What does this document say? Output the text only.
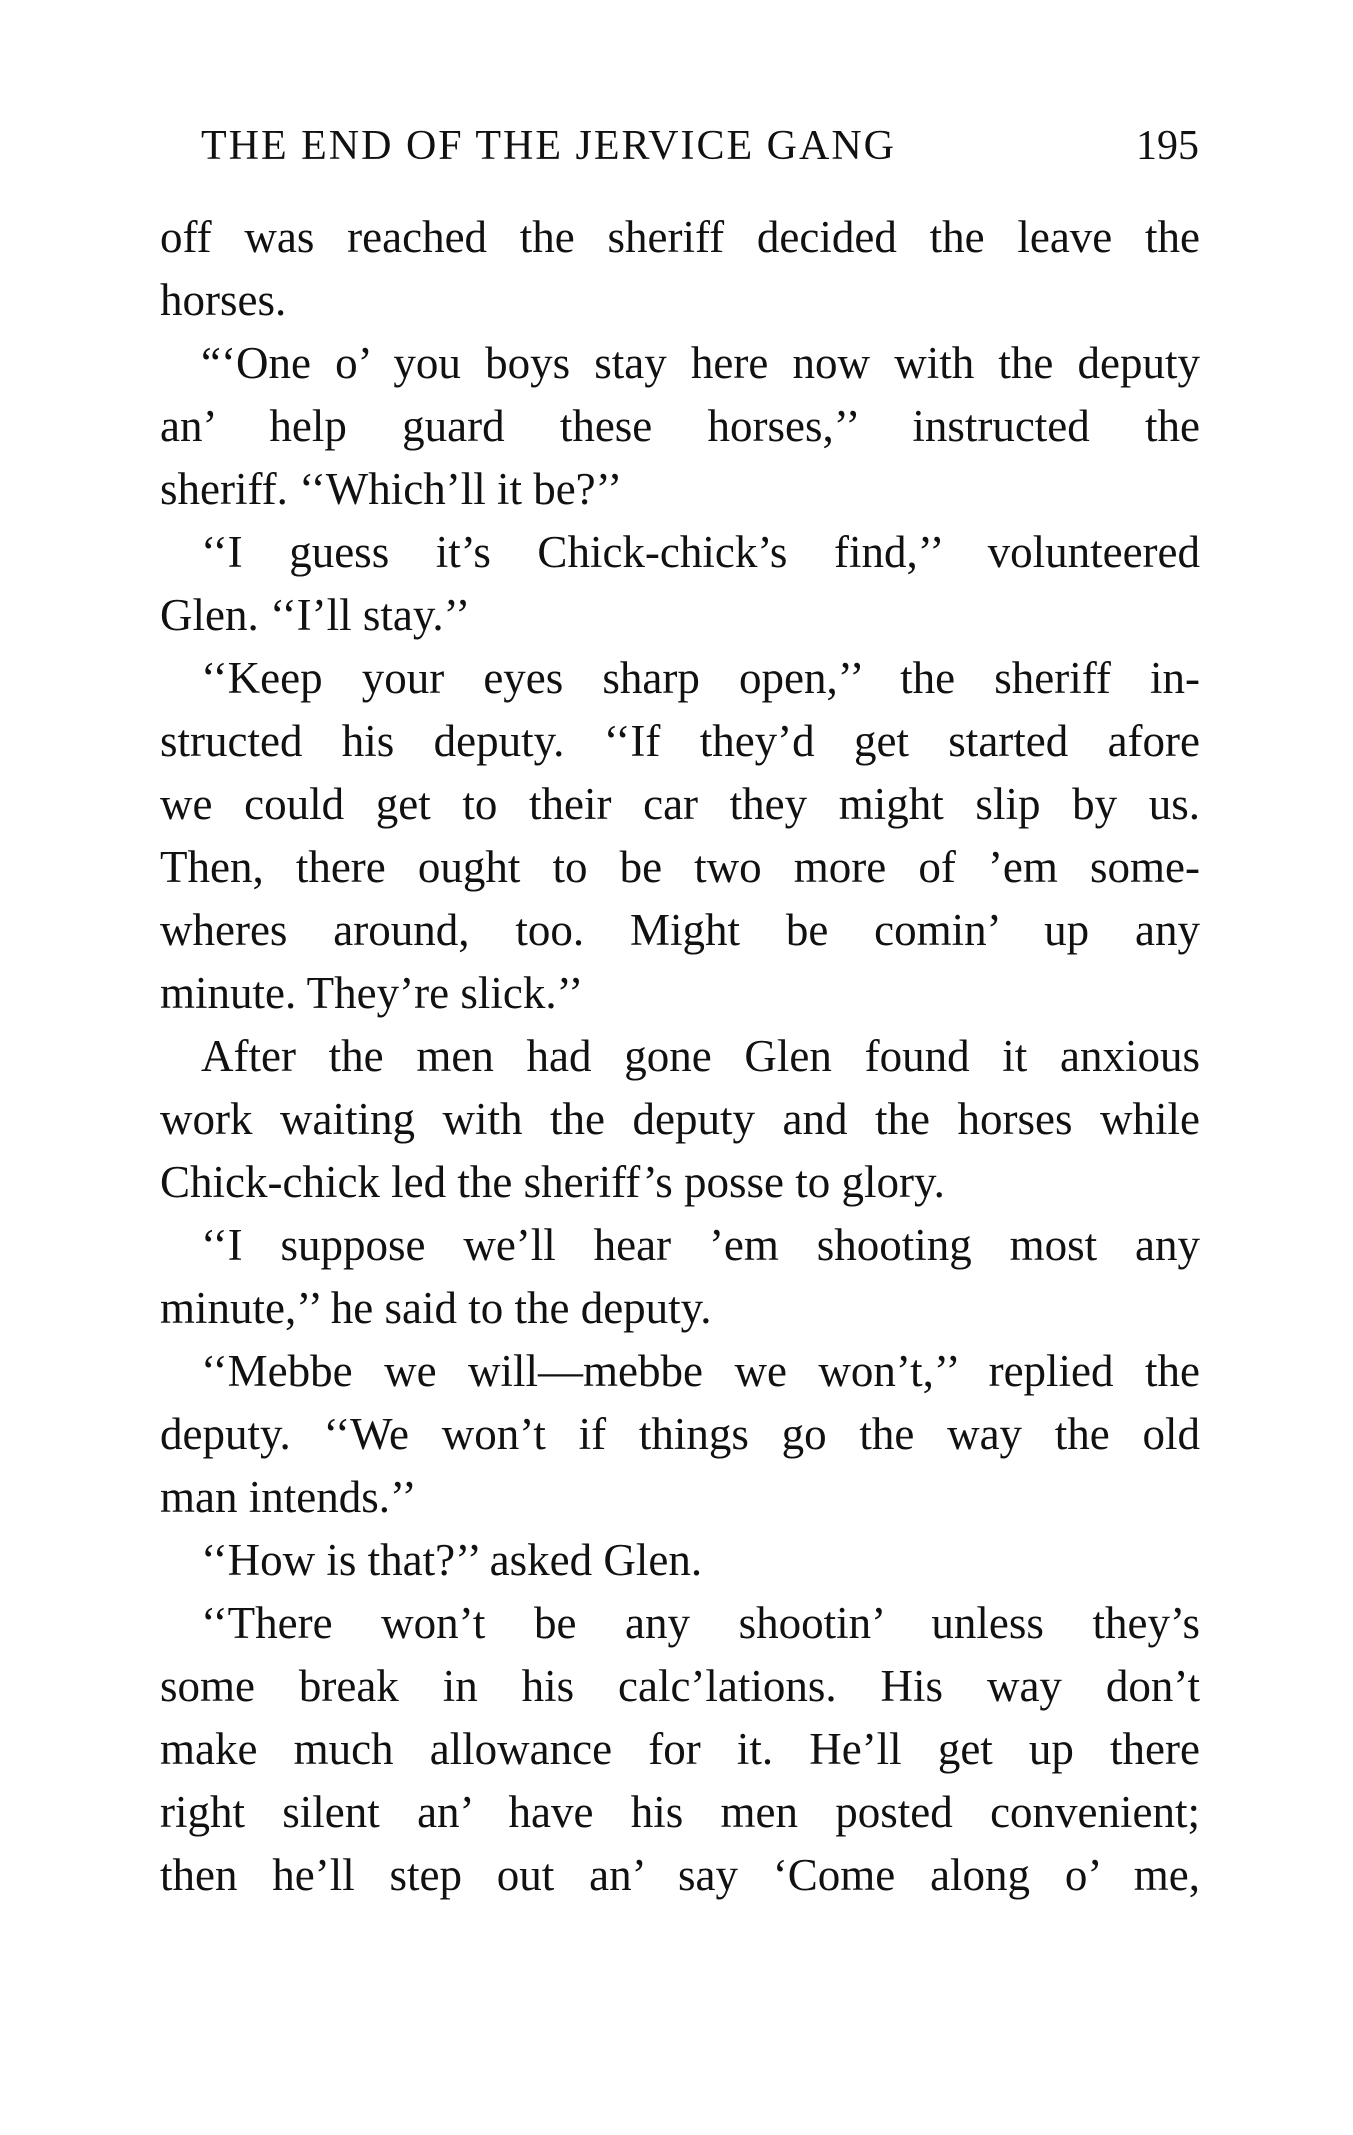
THE END OF THE JERVICE GANG	195
off was reached the sheriff decided the leave the
horses.
“‘One o’ you boys stay here now with the deputy
an’ help guard these horses,’’ instructed the
sheriff. ‘‘Which’ll it be?’’
‘‘I guess it’s Chick-chick’s find,’’ volunteered
Glen. ‘‘I’ll stay.’’
‘‘Keep your eyes sharp open,’’ the sheriff in-
structed his deputy. ‘‘If they’d get started afore
we could get to their car they might slip by us.
Then, there ought to be two more of ’em some-
wheres around, too. Might be comin’ up any
minute. They’re slick.’’
After the men had gone Glen found it anxious
work waiting with the deputy and the horses while
Chick-chick led the sheriff’s posse to glory.
‘‘I suppose we’ll hear ’em shooting most any
minute,’’ he said to the deputy.
‘‘Mebbe we will—mebbe we won’t,’’ replied the
deputy. ‘‘We won’t if things go the way the old
man intends.’’
‘‘How is that?’’ asked Glen.
‘‘There won’t be any shootin’ unless they’s
some break in his calc’lations. His way don’t
make much allowance for it. He’ll get up there
right silent an’ have his men posted convenient;
then he’ll step out an’ say ‘Come along o’ me,
